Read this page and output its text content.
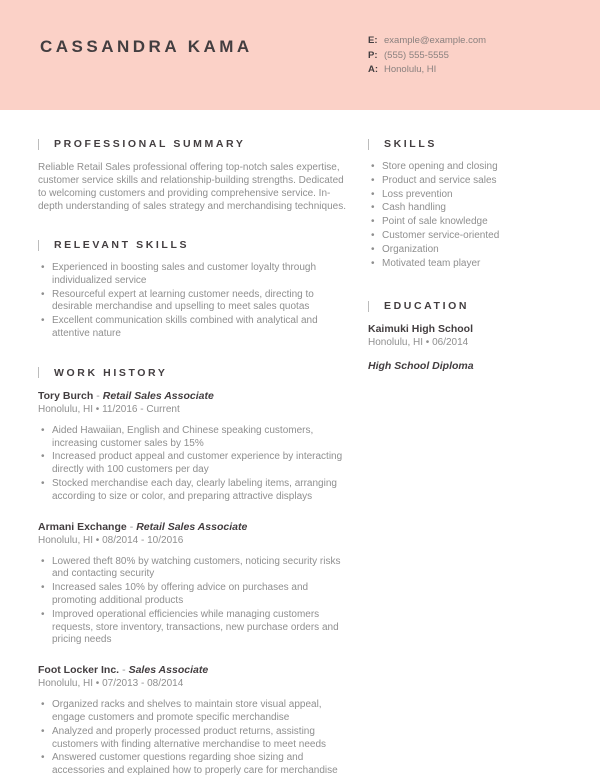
CASSANDRA KAMA	E: example@example.com
P: (555) 555-5555
A: Honolulu, HI
PROFESSIONAL SUMMARY

Reliable Retail Sales professional offering top-notch sales expertise, customer service skills and relationship-building strengths. Dedicated to welcoming customers and providing comprehensive service. In-depth understanding of sales strategy and merchandising techniques.

RELEVANT SKILLS
• Experienced in boosting sales and customer loyalty through individualized service
• Resourceful expert at learning customer needs, directing to desirable merchandise and upselling to meet sales quotas
• Excellent communication skills combined with analytical and attentive nature
WORK HISTORY
Tory Burch - Retail Sales Associate
Honolulu, HI • 11/2016 - Current
• Aided Hawaiian, English and Chinese speaking customers, increasing customer sales by 15%
• Increased product appeal and customer experience by interacting directly with 100 customers per day
• Stocked merchandise each day, clearly labeling items, arranging according to size or color, and preparing attractive displays
Armani Exchange - Retail Sales Associate
Honolulu, HI • 08/2014 - 10/2016
• Lowered theft 80% by watching customers, noticing security risks and contacting security
• Increased sales 10% by offering advice on purchases and promoting additional products
• Improved operational efficiencies while managing customers requests, store inventory, transactions, new purchase orders and pricing needs
Foot Locker Inc. - Sales Associate
Honolulu, HI • 07/2013 - 08/2014
• Organized racks and shelves to maintain store visual appeal, engage customers and promote specific merchandise
• Analyzed and properly processed product returns, assisting customers with finding alternative merchandise to meet needs
• Answered customer questions regarding shoe sizing and accessories and explained how to properly care for merchandise
SKILLS
• Store opening and closing
• Product and service sales
• Loss prevention
• Cash handling
• Point of sale knowledge
• Customer service-oriented
• Organization
• Motivated team player
EDUCATION
Kaimuki High School
Honolulu, HI • 06/2014
High School Diploma
